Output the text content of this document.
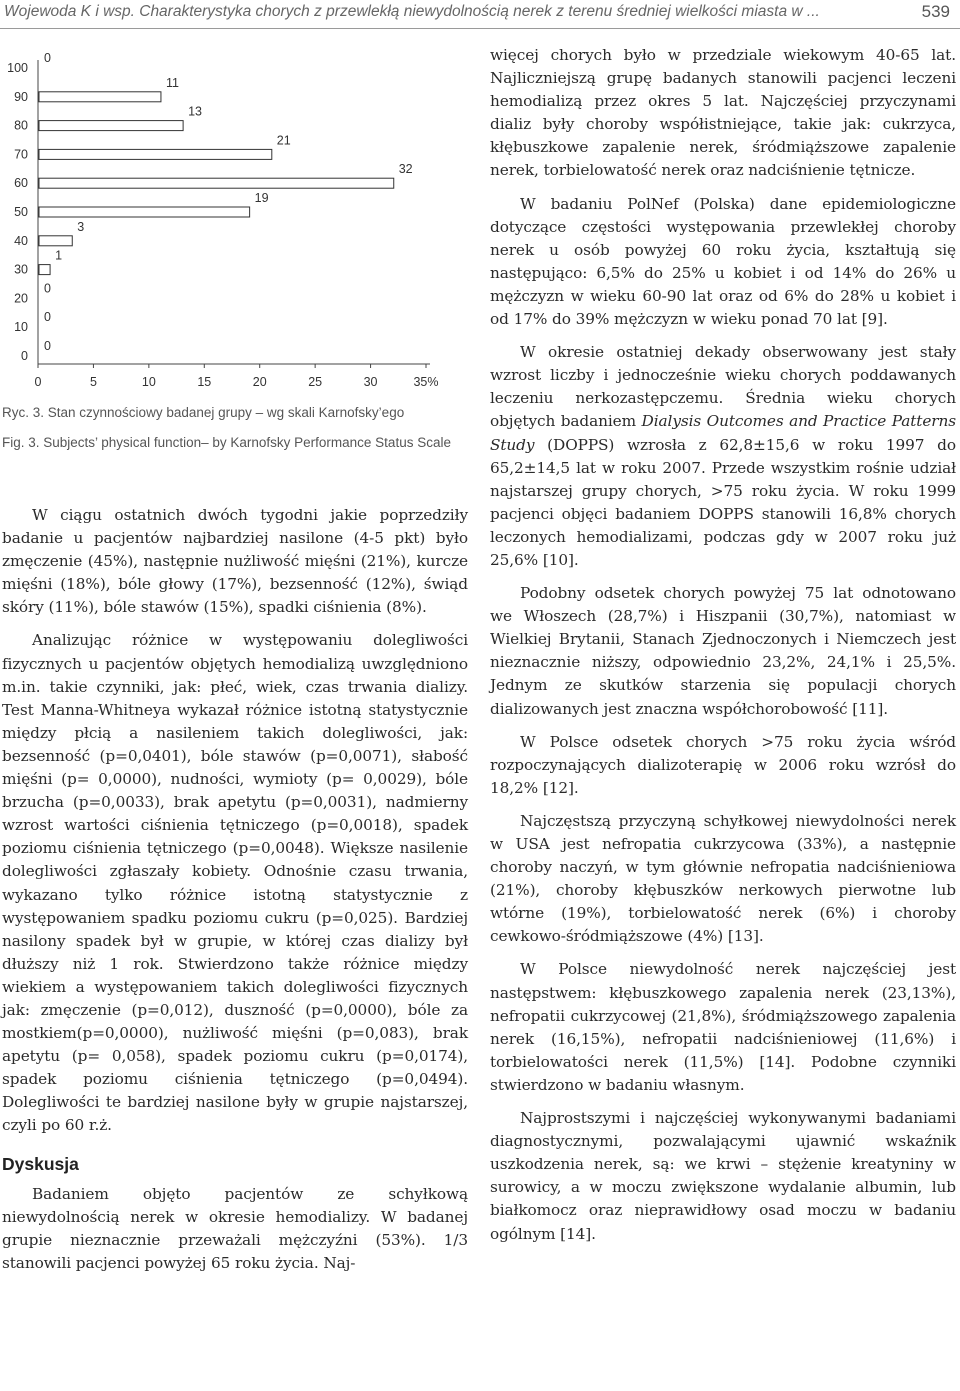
Wojewoda K i wsp. Charakterystyka chorych z przewlekłą niewydolnością nerek z terenu średniej wielkości miasta w ...	539
0	5	10	15	20	25	30	35%
0
0
10
0
20
0
30
1
40
3
50
19
60
32
70
21
80
13
90
11
100
0
Ryc. 3. Stan czynnościowy badanej grupy – wg skali Karnofsky’ego
Fig. 3. Subjects’ physical function– by Karnofsky Performance Status Scale

W ciągu ostatnich dwóch tygodni jakie poprzedziły badanie u pacjentów najbardziej nasilone (4-5 pkt) było zmęczenie (45%), następnie nużliwość mięśni (21%), kurcze mięśni (18%), bóle głowy (17%), bezsenność (12%), świąd skóry (11%), bóle stawów (15%), spadki ciśnienia (8%).

Analizując różnice w występowaniu dolegliwości fizycznych u pacjentów objętych hemodializą uwzględniono m.in. takie czynniki, jak: płeć, wiek, czas trwania dializy. Test Manna-Whitneya wykazał różnice istotną statystycznie między płcią a nasileniem takich dolegliwości, jak: bezsenność (p=0,0401), bóle stawów (p=0,0071), słabość mięśni (p= 0,0000), nudności, wymioty (p= 0,0029), bóle brzucha (p=0,0033), brak apetytu (p=0,0031), nadmierny wzrost wartości ciśnienia tętniczego (p=0,0018), spadek poziomu ciśnienia tętniczego (p=0,0048). Większe nasilenie dolegliwości zgłaszały kobiety. Odnośnie czasu trwania, wykazano tylko różnice istotną statystycznie z występowaniem spadku poziomu cukru (p=0,025). Bardziej nasilony spadek był w grupie, w której czas dializy był dłuższy niż 1 rok. Stwierdzono także różnice między wiekiem a występowaniem takich dolegliwości fizycznych jak: zmęczenie (p=0,012), duszność (p=0,0000), bóle za mostkiem(p=0,0000), nużliwość mięśni (p=0,083), brak apetytu (p= 0,058), spadek poziomu cukru (p=0,0174), spadek poziomu ciśnienia tętniczego (p=0,0494). Dolegliwości te bardziej nasilone były w grupie najstarszej, czyli po 60 r.ż.

Dyskusja

Badaniem objęto pacjentów ze schyłkową niewydolnością nerek w okresie hemodializy. W badanej grupie nieznacznie przeważali mężczyźni (53%). 1/3 stanowili pacjenci powyżej 65 roku życia. Naj-

więcej chorych było w przedziale wiekowym 40-65 lat. Najliczniejszą grupę badanych stanowili pacjenci leczeni hemodializą przez okres 5 lat. Najczęściej przyczynami dializ były choroby współistniejące, takie jak: cukrzyca, kłębuszkowe zapalenie nerek, śródmiąższowe zapalenie nerek, torbielowatość nerek oraz nadciśnienie tętnicze.

W badaniu PolNef (Polska) dane epidemiologiczne dotyczące częstości występowania przewlekłej choroby nerek u osób powyżej 60 roku życia, kształtują się następująco: 6,5% do 25% u kobiet i od 14% do 26% u mężczyzn w wieku 60-90 lat oraz od 6% do 28% u kobiet i od 17% do 39% mężczyzn w wieku ponad 70 lat [9].

W okresie ostatniej dekady obserwowany jest stały wzrost liczby i jednocześnie wieku chorych poddawanych leczeniu nerkozastępczemu. Średnia wieku chorych objętych badaniem Dialysis Outcomes and Practice Patterns Study (DOPPS) wzrosła z 62,8±15,6 w roku 1997 do 65,2±14,5 lat w roku 2007. Przede wszystkim rośnie udział najstarszej grupy chorych, >75 roku życia. W roku 1999 pacjenci objęci badaniem DOPPS stanowili 16,8% chorych leczonych hemodializami, podczas gdy w 2007 roku już 25,6% [10].

Podobny odsetek chorych powyżej 75 lat odnotowano we Włoszech (28,7%) i Hiszpanii (30,7%), natomiast w Wielkiej Brytanii, Stanach Zjednoczonych i Niemczech jest nieznacznie niższy, odpowiednio 23,2%, 24,1% i 25,5%. Jednym ze skutków starzenia się populacji chorych dializowanych jest znaczna współchorobowość [11].

W Polsce odsetek chorych >75 roku życia wśród rozpoczynających dializoterapię w 2006 roku wzrósł do 18,2% [12].

Najczęstszą przyczyną schyłkowej niewydolności nerek w USA jest nefropatia cukrzycowa (33%), a następnie choroby naczyń, w tym głównie nefropatia nadciśnieniowa (21%), choroby kłębuszków nerkowych pierwotne lub wtórne (19%), torbielowatość nerek (6%) i choroby cewkowo-śródmiąższowe (4%) [13].

W Polsce niewydolność nerek najczęściej jest następstwem: kłębuszkowego zapalenia nerek (23,13%), nefropatii cukrzycowej (21,8%), śródmiąższowego zapalenia nerek (16,15%), nefropatii nadciśnieniowej (11,6%) i torbielowatości nerek (11,5%) [14]. Podobne czynniki stwierdzono w badaniu własnym.

Najprostszymi i najczęściej wykonywanymi badaniami diagnostycznymi, pozwalającymi ujawnić wskaźnik uszkodzenia nerek, są: we krwi – stężenie kreatyniny w surowicy, a w moczu zwiększone wydalanie albumin, lub białkomocz oraz nieprawidłowy osad moczu w badaniu ogólnym [14].
